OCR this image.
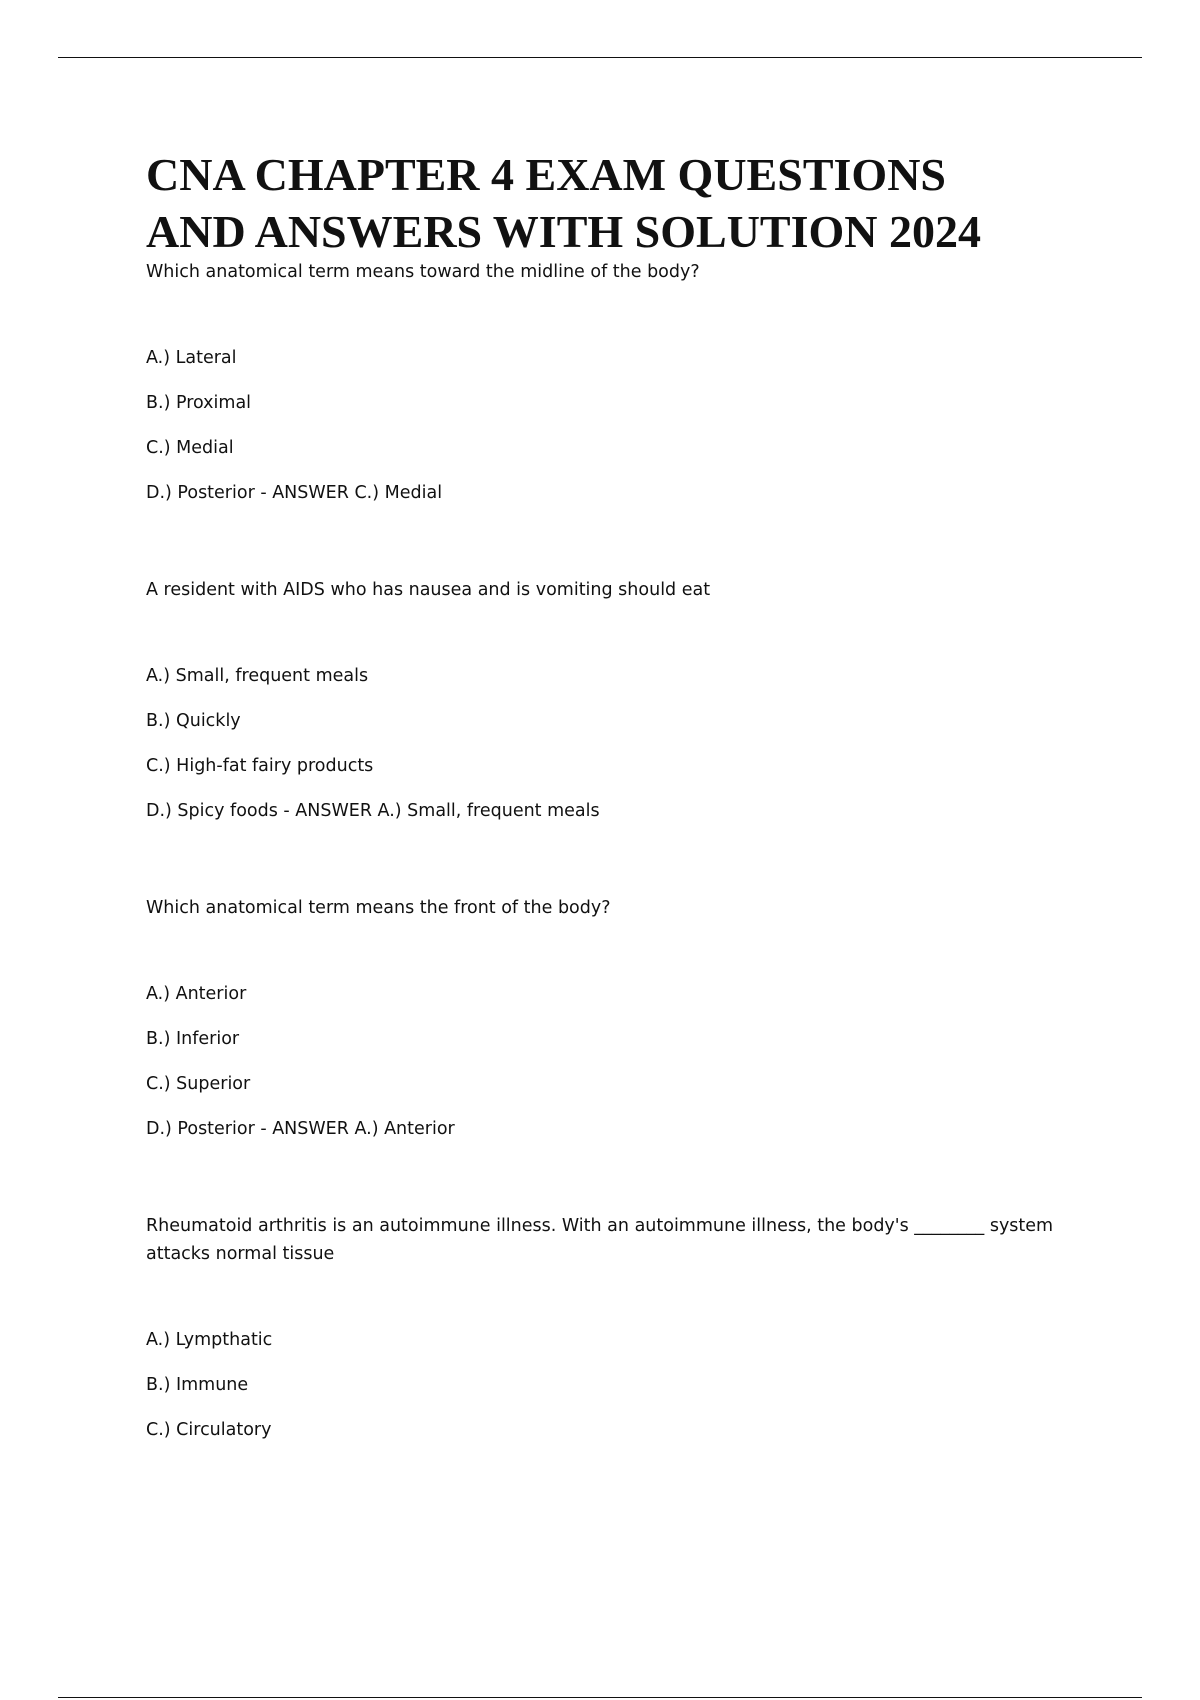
CNA CHAPTER 4 EXAM QUESTIONS
AND ANSWERS WITH SOLUTION 2024

Which anatomical term means toward the midline of the body?

A.) Lateral

B.) Proximal

C.) Medial

D.) Posterior - ANSWER C.) Medial

A resident with AIDS who has nausea and is vomiting should eat

A.) Small, frequent meals

B.) Quickly

C.) High-fat fairy products

D.) Spicy foods - ANSWER A.) Small, frequent meals

Which anatomical term means the front of the body?

A.) Anterior

B.) Inferior

C.) Superior

D.) Posterior - ANSWER A.) Anterior

Rheumatoid arthritis is an autoimmune illness. With an autoimmune illness, the body's ________ system attacks normal tissue

A.) Lympthatic

B.) Immune

C.) Circulatory
